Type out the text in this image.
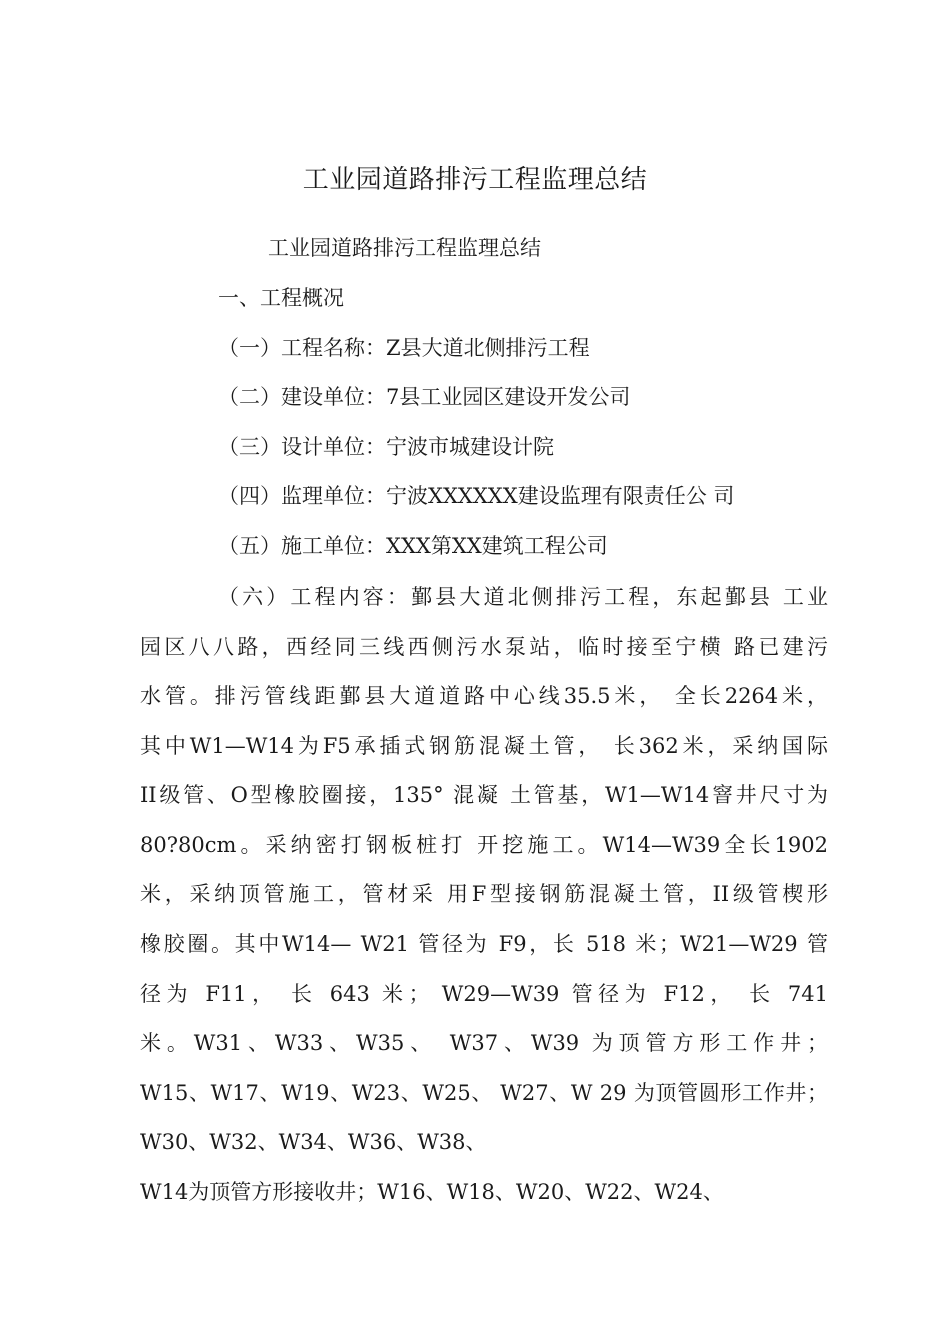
工业园道路排污工程监理总结
工业园道路排污工程监理总结
一、工程概况
（一）工程名称：Z县大道北侧排污工程
（二）建设单位：7县工业园区建设开发公司
（三）设计单位：宁波市城建设计院
（四）监理单位：宁波XXXXXX建设监理有限责任公 司
（五）施工单位：XXX第XX建筑工程公司
（六）工程内容：鄞县大道北侧排污工程，东起鄞县 工业
园区八八路，西经同三线西侧污水泵站，临时接至宁横 路已建污
水管。排污管线距鄞县大道道路中心线35.5米， 全长2264米，
其中W1—W14为F5承插式钢筋混凝土管， 长362米，采纳国际
II级管、O型橡胶圈接，135° 混凝 土管基，W1—W14窨井尺寸为
80?80cm。采纳密打钢板桩打 开挖施工。W14—W39全长1902
米，采纳顶管施工，管材采 用F型接钢筋混凝土管，II级管楔形
橡胶圈。其中W14— W21 管径为 F9，长 518 米；W21—W29 管
径为 F11， 长 643 米； W29—W39 管径为 F12， 长 741
米。W31、W33、W35、 W37、W39 为顶管方形工作井；
W15、W17、W19、W23、W25、 W27、W 29 为顶管圆形工作井；
W30、W32、W34、W36、W38、
W14为顶管方形接收井；W16、W18、W20、W22、W24、
